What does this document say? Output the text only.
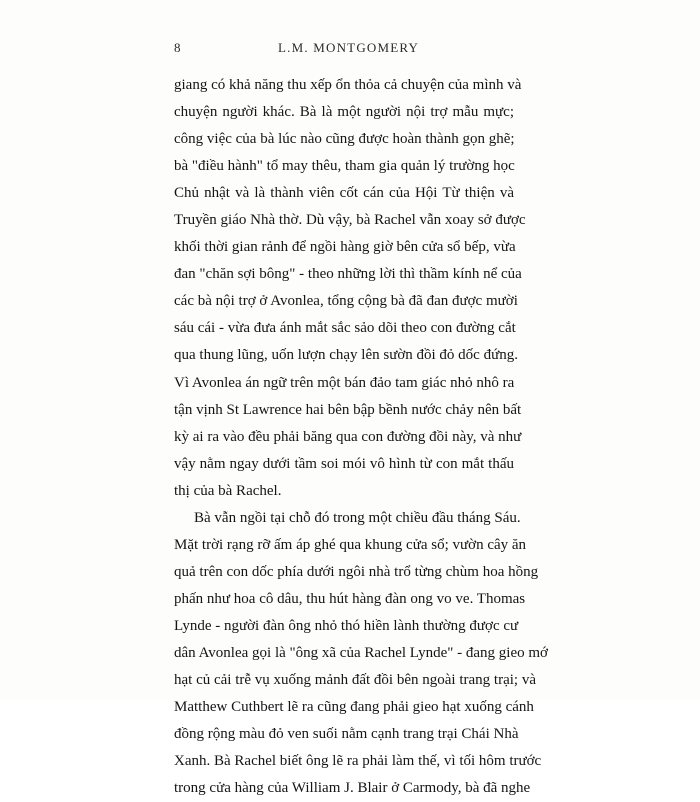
8	L.M. MONTGOMERY
giang có khả năng thu xếp ổn thỏa cả chuyện của mình và
chuyện người khác. Bà là một người nội trợ mẫu mực;
công việc của bà lúc nào cũng được hoàn thành gọn ghẽ;
bà "điều hành" tổ may thêu, tham gia quản lý trường học
Chủ nhật và là thành viên cốt cán của Hội Từ thiện và
Truyền giáo Nhà thờ. Dù vậy, bà Rachel vẫn xoay sở được
khối thời gian rảnh để ngồi hàng giờ bên cửa sổ bếp, vừa
đan "chăn sợi bông" - theo những lời thì thầm kính nể của
các bà nội trợ ở Avonlea, tổng cộng bà đã đan được mười
sáu cái - vừa đưa ánh mắt sắc sảo dõi theo con đường cắt
qua thung lũng, uốn lượn chạy lên sườn đồi đỏ dốc đứng.
Vì Avonlea án ngữ trên một bán đảo tam giác nhỏ nhô ra
tận vịnh St Lawrence hai bên bập bềnh nước chảy nên bất
kỳ ai ra vào đều phải băng qua con đường đồi này, và như
vậy nằm ngay dưới tầm soi mói vô hình từ con mắt thấu
thị của bà Rachel.
Bà vẫn ngồi tại chỗ đó trong một chiều đầu tháng Sáu.
Mặt trời rạng rỡ ấm áp ghé qua khung cửa sổ; vườn cây ăn
quả trên con dốc phía dưới ngôi nhà trổ từng chùm hoa hồng
phấn như hoa cô dâu, thu hút hàng đàn ong vo ve. Thomas
Lynde - người đàn ông nhỏ thó hiền lành thường được cư
dân Avonlea gọi là "ông xã của Rachel Lynde" - đang gieo mớ
hạt củ cải trễ vụ xuống mảnh đất đồi bên ngoài trang trại; và
Matthew Cuthbert lẽ ra cũng đang phải gieo hạt xuống cánh
đồng rộng màu đỏ ven suối nằm cạnh trang trại Chái Nhà
Xanh. Bà Rachel biết ông lẽ ra phải làm thế, vì tối hôm trước
trong cửa hàng của William J. Blair ở Carmody, bà đã nghe
